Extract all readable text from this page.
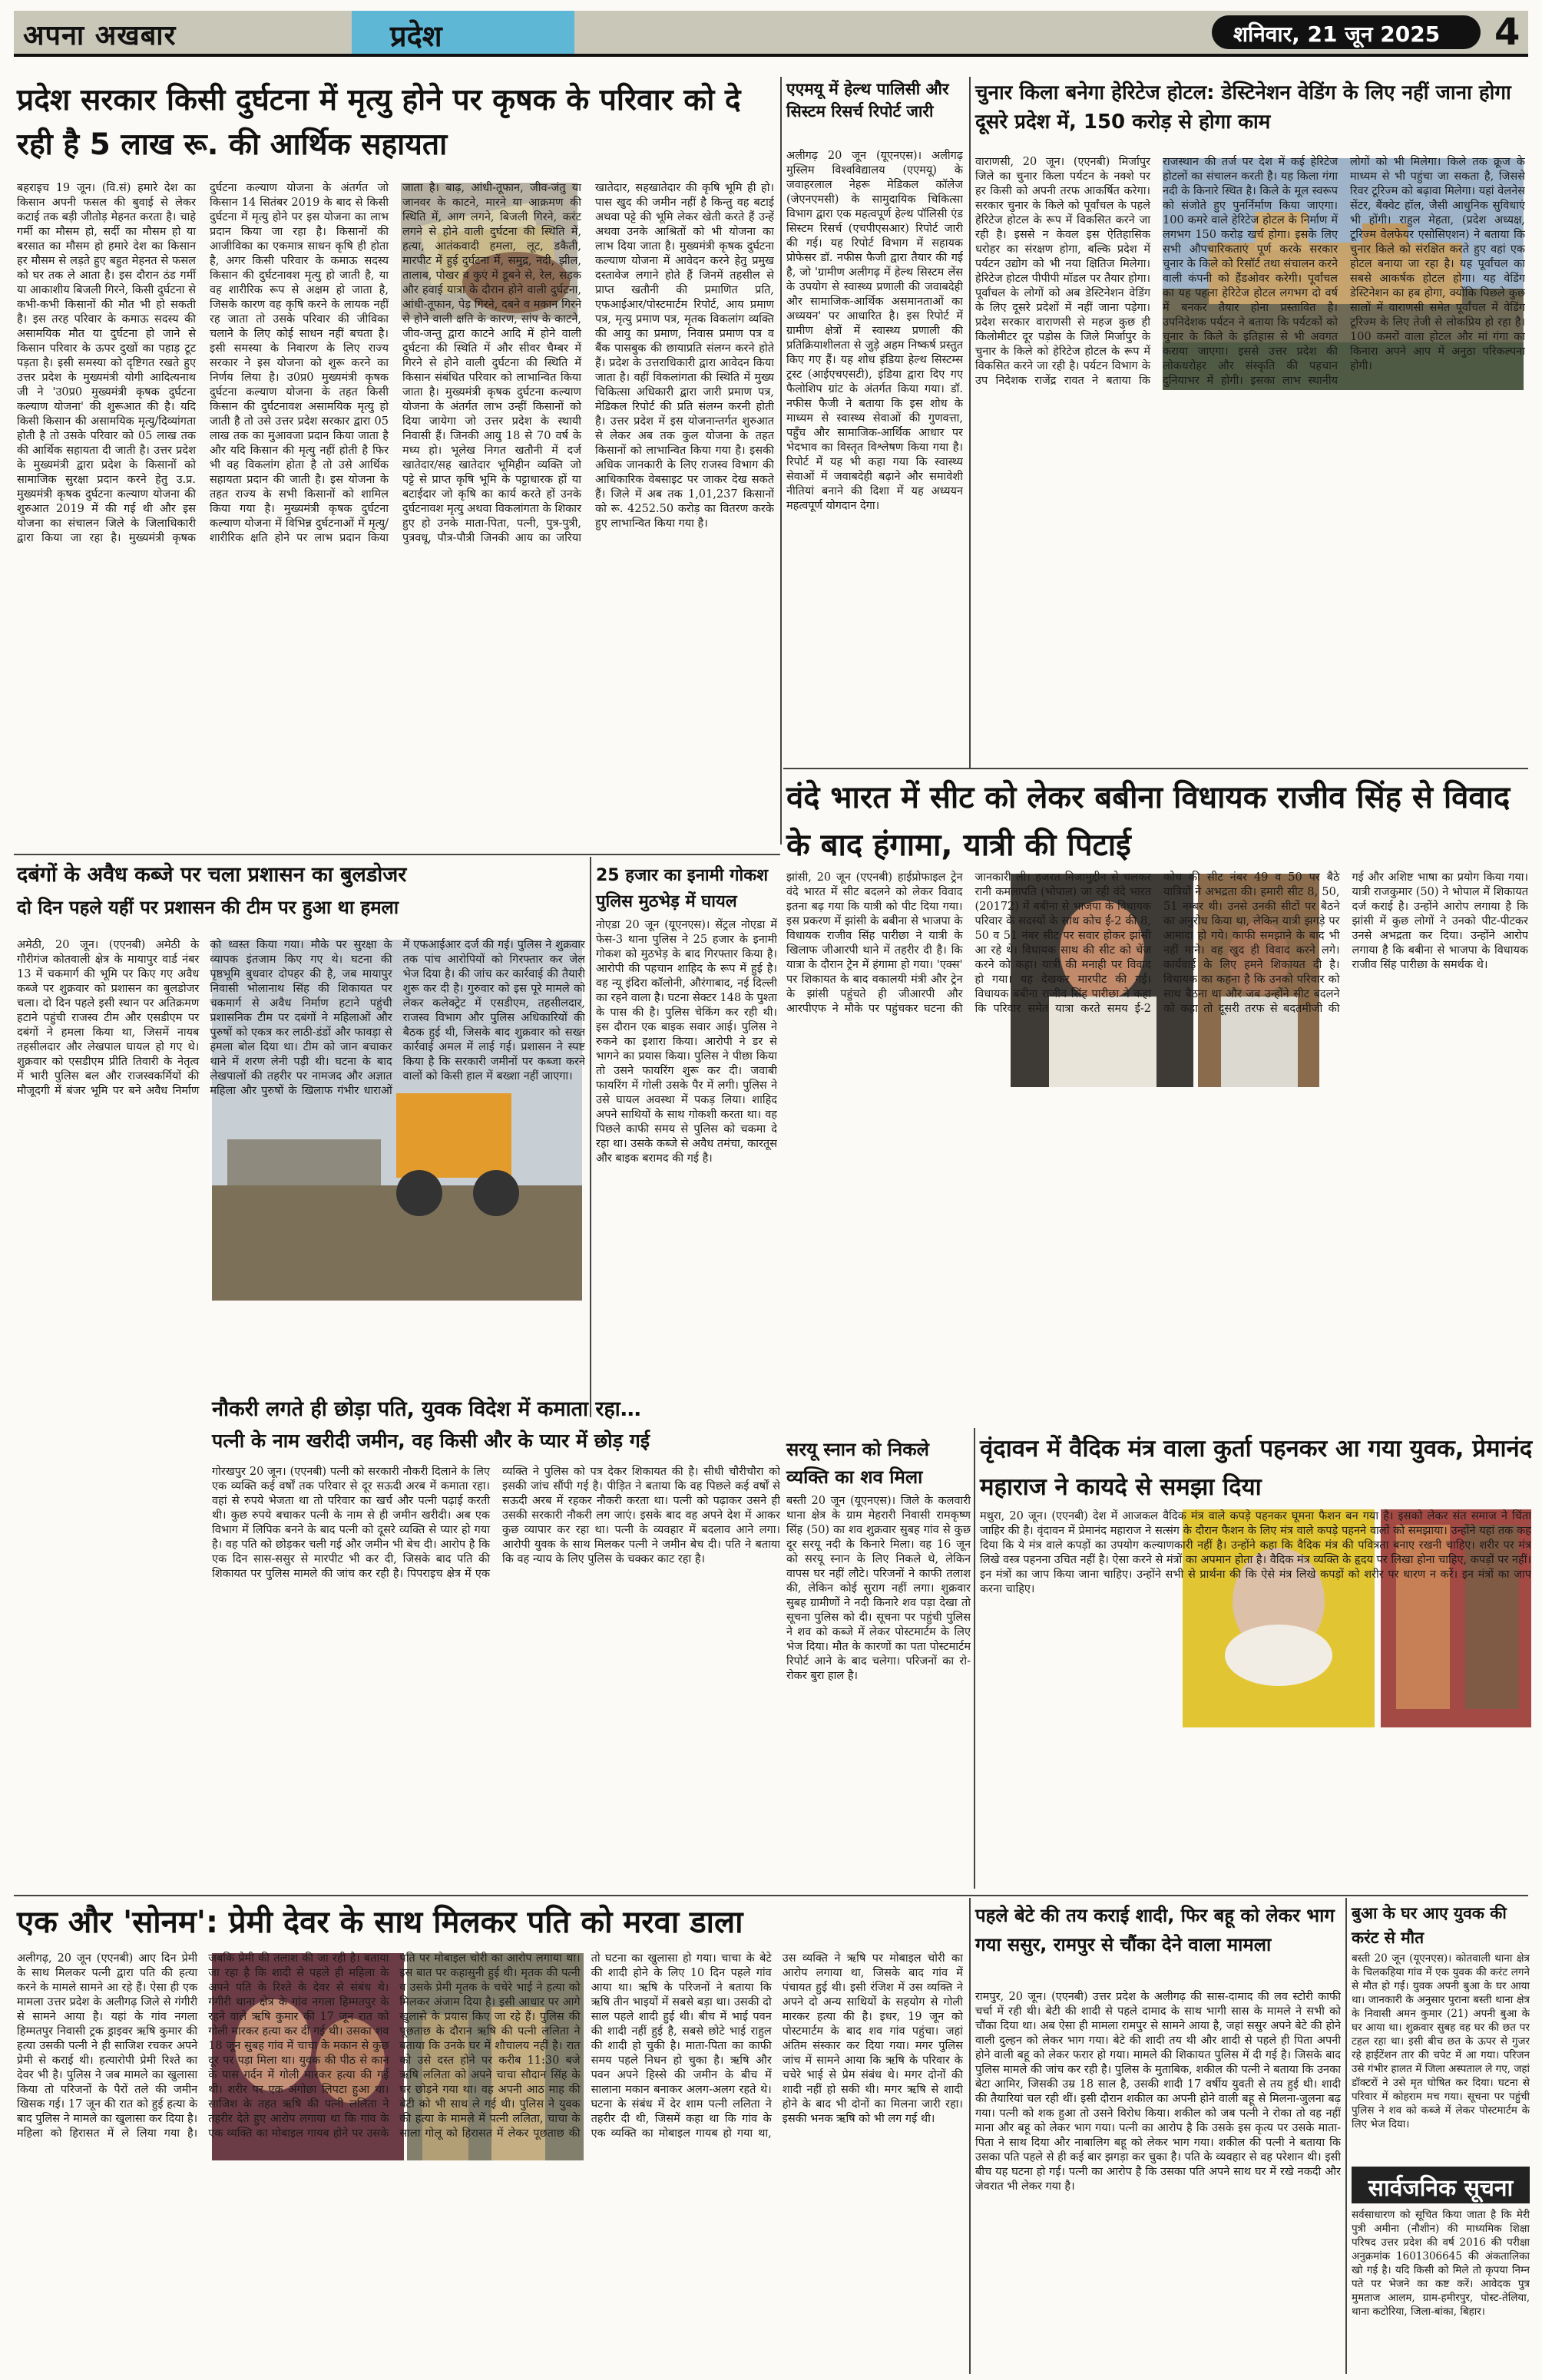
अपना अखबार	प्रदेश	शनिवार, 21 जून 2025	4
प्रदेश सरकार किसी दुर्घटना में मृत्यु होने पर कृषक के परिवार को दे रही है 5 लाख रू. की आर्थिक सहायता
बहराइच 19 जून। (वि.सं) हमारे देश का किसान अपनी फसल की बुवाई से लेकर कटाई तक बड़ी जीतोड़ मेहनत करता है। चाहे गर्मी का मौसम हो, सर्दी का मौसम हो या बरसात का मौसम हो हमारे देश का किसान हर मौसम से लड़ते हुए बहुत मेहनत से फसल को घर तक ले आता है। इस दौरान ठंड गर्मी या आकाशीय बिजली गिरने, किसी दुर्घटना से कभी-कभी किसानों की मौत भी हो सकती है। इस तरह परिवार के कमाऊ सदस्य की असामयिक मौत या दुर्घटना हो जाने से किसान परिवार के ऊपर दुखों का पहाड़ टूट पड़ता है। इसी समस्या को दृष्टिगत रखते हुए उत्तर प्रदेश के मुख्यमंत्री योगी आदित्यनाथ जी ने 'उ0प्र0 मुख्यमंत्री कृषक दुर्घटना कल्याण योजना' की शुरूआत की है। यदि किसी किसान की असामयिक मृत्यु/दिव्यांगता होती है तो उसके परिवार को 05 लाख तक की आर्थिक सहायता दी जाती है। उत्तर प्रदेश के मुख्यमंत्री द्वारा प्रदेश के किसानों को सामाजिक सुरक्षा प्रदान करने हेतु उ.प्र. मुख्यमंत्री कृषक दुर्घटना कल्याण योजना की शुरुआत 2019 में की गई थी और इस योजना का संचालन जिले के जिलाधिकारी द्वारा किया जा रहा है। मुख्यमंत्री कृषक दुर्घटना कल्याण योजना के अंतर्गत जो किसान 14 सितंबर 2019 के बाद से किसी दुर्घटना में मृत्यु होने पर इस योजना का लाभ प्रदान किया जा रहा है। किसानों की आजीविका का एकमात्र साधन कृषि ही होता है, अगर किसी परिवार के कमाऊ सदस्य किसान की दुर्घटनावश मृत्यु हो जाती है, या वह शारीरिक रूप से अक्षम हो जाता है, जिसके कारण वह कृषि करने के लायक नहीं रह जाता तो उसके परिवार की जीविका चलाने के लिए कोई साधन नहीं बचता है। इसी समस्या के निवारण के लिए राज्य सरकार ने इस योजना को शुरू करने का निर्णय लिया है। उ0प्र0 मुख्यमंत्री कृषक दुर्घटना कल्याण योजना के तहत किसी किसान की दुर्घटनावश असामयिक मृत्यु हो जाती है तो उसे उत्तर प्रदेश सरकार द्वारा 05 लाख तक का मुआवजा प्रदान किया जाता है और यदि किसान की मृत्यु नहीं होती है फिर भी वह विकलांग होता है तो उसे आर्थिक सहायता प्रदान की जाती है। इस योजना के तहत राज्य के सभी किसानों को शामिल किया गया है। मुख्यमंत्री कृषक दुर्घटना कल्याण योजना में विभिन्न दुर्घटनाओं में मृत्यु/शारीरिक क्षति होने पर लाभ प्रदान किया जाता है। बाढ़, आंधी-तूफान, जीव-जंतु या जानवर के काटने, मारने या आक्रमण की स्थिति में, आग लगने, बिजली गिरने, करंट लगने से होने वाली दुर्घटना की स्थिति में, हत्या, आतंकवादी हमला, लूट, डकैती, मारपीट में हुई दुर्घटना में, समुद्र, नदी, झील, तालाब, पोखर व कुएं में डूबने से, रेल, सड़क और हवाई यात्रा के दौरान होने वाली दुर्घटना, आंधी-तूफान, पेड़ गिरने, दबने व मकान गिरने से होने वाली क्षति के कारण, सांप के काटने, जीव-जन्तु द्वारा काटने आदि में होने वाली दुर्घटना की स्थिति में और सीवर चैम्बर में गिरने से होने वाली दुर्घटना की स्थिति में किसान संबंधित परिवार को लाभान्वित किया जाता है। मुख्यमंत्री कृषक दुर्घटना कल्याण योजना के अंतर्गत लाभ उन्हीं किसानों को दिया जायेगा जो उत्तर प्रदेश के स्थायी निवासी हैं। जिनकी आयु 18 से 70 वर्ष के मध्य हो। भूलेख निगत खतौनी में दर्ज खातेदार/सह खातेदार भूमिहीन व्यक्ति जो पट्टे से प्राप्त कृषि भूमि के पट्टाधारक हों या बटाईदार जो कृषि का कार्य करते हों उनके दुर्घटनावश मृत्यु अथवा विकलांगता के शिकार हुए हो उनके माता-पिता, पत्नी, पुत्र-पुत्री, पुत्रवधू, पौत्र-पौत्री जिनकी आय का जरिया खातेदार, सहखातेदार की कृषि भूमि ही हो। पास खुद की जमीन नहीं है किन्तु वह बटाई अथवा पट्टे की भूमि लेकर खेती करते हैं उन्हें अथवा उनके आश्रितों को भी योजना का लाभ दिया जाता है। मुख्यमंत्री कृषक दुर्घटना कल्याण योजना में आवेदन करने हेतु प्रमुख दस्तावेज लगाने होते हैं जिनमें तहसील से प्राप्त खतौनी की प्रमाणित प्रति, एफआईआर/पोस्टमार्टम रिपोर्ट, आय प्रमाण पत्र, मृत्यु प्रमाण पत्र, मृतक विकलांग व्यक्ति की आयु का प्रमाण, निवास प्रमाण पत्र व बैंक पासबुक की छायाप्रति संलग्न करने होते हैं। प्रदेश के उत्तराधिकारी द्वारा आवेदन किया जाता है। वहीं विकलांगता की स्थिति में मुख्य चिकित्सा अधिकारी द्वारा जारी प्रमाण पत्र, मेडिकल रिपोर्ट की प्रति संलग्न करनी होती है। उत्तर प्रदेश में इस योजनान्तर्गत शुरुआत से लेकर अब तक कुल योजना के तहत किसानों को लाभान्वित किया गया है। इसकी अधिक जानकारी के लिए राजस्व विभाग की आधिकारिक वेबसाइट पर जाकर देख सकते हैं। जिले में अब तक 1,01,237 किसानों को रू. 4252.50 करोड़ का वितरण करके हुए लाभान्वित किया गया है।
एएमयू में हेल्थ पालिसी और सिस्टम रिसर्च रिपोर्ट जारी
अलीगढ़ 20 जून (यूएनएस)। अलीगढ़ मुस्लिम विश्वविद्यालय (एएमयू) के जवाहरलाल नेहरू मेडिकल कॉलेज (जेएनएमसी) के सामुदायिक चिकित्सा विभाग द्वारा एक महत्वपूर्ण हेल्थ पॉलिसी एंड सिस्टम रिसर्च (एचपीएसआर) रिपोर्ट जारी की गई। यह रिपोर्ट विभाग में सहायक प्रोफेसर डॉ. नफीस फैजी द्वारा तैयार की गई है, जो 'ग्रामीण अलीगढ़ में हेल्थ सिस्टम लेंस के उपयोग से स्वास्थ्य प्रणाली की जवाबदेही और सामाजिक-आर्थिक असमानताओं का अध्ययन' पर आधारित है। इस रिपोर्ट में ग्रामीण क्षेत्रों में स्वास्थ्य प्रणाली की प्रतिक्रियाशीलता से जुड़े अहम निष्कर्ष प्रस्तुत किए गए हैं। यह शोध इंडिया हेल्थ सिस्टम्स ट्रस्ट (आईएचएसटी), इंडिया द्वारा दिए गए फैलोशिप ग्रांट के अंतर्गत किया गया। डॉ. नफीस फैजी ने बताया कि इस शोध के माध्यम से स्वास्थ्य सेवाओं की गुणवत्ता, पहुँच और सामाजिक-आर्थिक आधार पर भेदभाव का विस्तृत विश्लेषण किया गया है। रिपोर्ट में यह भी कहा गया कि स्वास्थ्य सेवाओं में जवाबदेही बढ़ाने और समावेशी नीतियां बनाने की दिशा में यह अध्ययन महत्वपूर्ण योगदान देगा।
चुनार किला बनेगा हेरिटेज होटल: डेस्टिनेशन वेडिंग के लिए नहीं जाना होगा दूसरे प्रदेश में, 150 करोड़ से होगा काम
वाराणसी, 20 जून। (एएनबी) मिर्जापुर जिले का चुनार किला पर्यटन के नक्शे पर हर किसी को अपनी तरफ आकर्षित करेगा। सरकार चुनार के किले को पूर्वांचल के पहले हेरिटेज होटल के रूप में विकसित करने जा रही है। इससे न केवल इस ऐतिहासिक धरोहर का संरक्षण होगा, बल्कि प्रदेश में पर्यटन उद्योग को भी नया क्षितिज मिलेगा। हेरिटेज होटल पीपीपी मॉडल पर तैयार होगा। पूर्वांचल के लोगों को अब डेस्टिनेशन वेडिंग के लिए दूसरे प्रदेशों में नहीं जाना पड़ेगा। प्रदेश सरकार वाराणसी से महज कुछ ही किलोमीटर दूर पड़ोस के जिले मिर्जापुर के चुनार के किले को हेरिटेज होटल के रूप में विकसित करने जा रही है। पर्यटन विभाग के उप निदेशक राजेंद्र रावत ने बताया कि राजस्थान की तर्ज पर देश में कई हेरिटेज होटलों का संचालन करती है। यह किला गंगा नदी के किनारे स्थित है। किले के मूल स्वरूप को संजोते हुए पुनर्निर्माण किया जाएगा। 100 कमरे वाले हेरिटेज होटल के निर्माण में लगभग 150 करोड़ खर्च होगा। इसके लिए सभी औपचारिकताएं पूर्ण करके सरकार चुनार के किले को रिसॉर्ट तथा संचालन करने वाली कंपनी को हैंडओवर करेगी। पूर्वांचल का यह पहला हेरिटेज होटल लगभग दो वर्ष में बनकर तैयार होना प्रस्तावित है। उपनिदेशक पर्यटन ने बताया कि पर्यटकों को चुनार के किले के इतिहास से भी अवगत कराया जाएगा। इससे उत्तर प्रदेश की लोकधरोहर और संस्कृति की पहचान दुनियाभर में होगी। इसका लाभ स्थानीय लोगों को भी मिलेगा। किले तक क्रूज के माध्यम से भी पहुंचा जा सकता है, जिससे रिवर टूरिज्म को बढ़ावा मिलेगा। यहां वेलनेस सेंटर, बैंक्वेट हॉल, जैसी आधुनिक सुविधाएं भी होंगी। राहुल मेहता, (प्रदेश अध्यक्ष, टूरिज्म वेलफेयर एसोसिएशन) ने बताया कि चुनार किले को संरक्षित करते हुए वहां एक होटल बनाया जा रहा है। यह पूर्वांचल का सबसे आकर्षक होटल होगा। यह वेडिंग डेस्टिनेशन का हब होगा, क्योंकि पिछले कुछ सालों में वाराणसी समेत पूर्वांचल में वेडिंग टूरिज्म के लिए तेजी से लोकप्रिय हो रहा है। 100 कमरों वाला होटल और मां गंगा का किनारा अपने आप में अनुठा परिकल्पना होगी।
वंदे भारत में सीट को लेकर बबीना विधायक राजीव सिंह से विवाद के बाद हंगामा, यात्री की पिटाई
झांसी, 20 जून (एएनबी) हाईप्रोफाइल ट्रेन वंदे भारत में सीट बदलने को लेकर विवाद इतना बढ़ गया कि यात्री को पीट दिया गया। इस प्रकरण में झांसी के बबीना से भाजपा के विधायक राजीव सिंह पारीछा ने यात्री के खिलाफ जीआरपी थाने में तहरीर दी है। कि यात्रा के दौरान ट्रेन में हंगामा हो गया। 'एक्स' पर शिकायत के बाद वकालयी मंत्री और ट्रेन के झांसी पहुंचते ही जीआरपी और आरपीएफ ने मौके पर पहुंचकर घटना की जानकारी ली। हजरत निजामुद्दीन से चलकर रानी कमलापति (भोपाल) जा रही वंदे भारत (20172) में बबीना से भाजपा के विधायक परिवार के सदस्यों के साथ कोच ई-2 की 8, 50 व 51 नंबर सीट पर सवार होकर झांसी आ रहे थे। विधायक साथ की सीट को चेंज करने को कहा। यात्री की मनाही पर विवाद हो गया। यह देखकर मारपीट की गई। विधायक बबीना राजीव सिंह पारीछा ने कहा कि परिवार समेत यात्रा करते समय ई-2 कोच की सीट नंबर 49 व 50 पर बैठे यात्रियों ने अभद्रता की। हमारी सीट 8, 50, 51 नम्बर थी। उनसे उनकी सीटों पर बैठने का अनुरोध किया था, लेकिन यात्री झगड़े पर आमादा हो गये। काफी समझाने के बाद भी नहीं माने। वह खुद ही विवाद करने लगे। कार्यवाई के लिए हमने शिकायत दी है। विधायक का कहना है कि उनको परिवार को साथ बैठना था और जब उन्होंने सीट बदलने को कहा तो दूसरी तरफ से बदतमीजी की गई और अशिष्ट भाषा का प्रयोग किया गया। यात्री राजकुमार (50) ने भोपाल में शिकायत दर्ज कराई है। उन्होंने आरोप लगाया है कि झांसी में कुछ लोगों ने उनको पीट-पीटकर उनसे अभद्रता कर दिया। उन्होंने आरोप लगाया है कि बबीना से भाजपा के विधायक राजीव सिंह पारीछा के समर्थक थे।
दबंगों के अवैध कब्जे पर चला प्रशासन का बुलडोजर
दो दिन पहले यहीं पर प्रशासन की टीम पर हुआ था हमला
अमेठी, 20 जून। (एएनबी) अमेठी के गौरीगंज कोतवाली क्षेत्र के मायापुर वार्ड नंबर 13 में चकमार्ग की भूमि पर किए गए अवैध कब्जे पर शुक्रवार को प्रशासन का बुलडोजर चला। दो दिन पहले इसी स्थान पर अतिक्रमण हटाने पहुंची राजस्व टीम और एसडीएम पर दबंगों ने हमला किया था, जिसमें नायब तहसीलदार और लेखपाल घायल हो गए थे। शुक्रवार को एसडीएम प्रीति तिवारी के नेतृत्व में भारी पुलिस बल और राजस्वकर्मियों की मौजूदगी में बंजर भूमि पर बने अवैध निर्माण को ध्वस्त किया गया। मौके पर सुरक्षा के व्यापक इंतजाम किए गए थे। घटना की पृष्ठभूमि बुधवार दोपहर की है, जब मायापुर निवासी भोलानाथ सिंह की शिकायत पर चकमार्ग से अवैध निर्माण हटाने पहुंची प्रशासनिक टीम पर दबंगों ने महिलाओं और पुरुषों को एकत्र कर लाठी-डंडों और फावड़ा से हमला बोल दिया था। टीम को जान बचाकर थाने में शरण लेनी पड़ी थी। घटना के बाद लेखपालों की तहरीर पर नामजद और अज्ञात महिला और पुरुषों के खिलाफ गंभीर धाराओं में एफआईआर दर्ज की गई। पुलिस ने शुक्रवार तक पांच आरोपियों को गिरफ्तार कर जेल भेज दिया है। की जांच कर कार्रवाई की तैयारी शुरू कर दी है। गुरुवार को इस पूरे मामले को लेकर कलेक्ट्रेट में एसडीएम, तहसीलदार, राजस्व विभाग और पुलिस अधिकारियों की बैठक हुई थी, जिसके बाद शुक्रवार को सख्त कार्रवाई अमल में लाई गई। प्रशासन ने स्पष्ट किया है कि सरकारी जमीनों पर कब्जा करने वालों को किसी हाल में बख्शा नहीं जाएगा।
25 हजार का इनामी गोकश पुलिस मुठभेड़ में घायल
नोएडा 20 जून (यूएनएस)। सेंट्रल नोएडा में फेस-3 थाना पुलिस ने 25 हजार के इनामी गोकश को मुठभेड़ के बाद गिरफ्तार किया है। आरोपी की पहचान शाहिद के रूप में हुई है। वह न्यू इंदिरा कॉलोनी, औरंगाबाद, नई दिल्ली का रहने वाला है। घटना सेक्टर 148 के पुश्ता के पास की है। पुलिस चेकिंग कर रही थी। इस दौरान एक बाइक सवार आई। पुलिस ने रुकने का इशारा किया। आरोपी ने डर से भागने का प्रयास किया। पुलिस ने पीछा किया तो उसने फायरिंग शुरू कर दी। जवाबी फायरिंग में गोली उसके पैर में लगी। पुलिस ने उसे घायल अवस्था में पकड़ लिया। शाहिद अपने साथियों के साथ गोकशी करता था। वह पिछले काफी समय से पुलिस को चकमा दे रहा था। उसके कब्जे से अवैध तमंचा, कारतूस और बाइक बरामद की गई है।
सरयू स्नान को निकले व्यक्ति का शव मिला
बस्ती 20 जून (यूएनएस)। जिले के कलवारी थाना क्षेत्र के ग्राम मेहरारी निवासी रामकृष्ण सिंह (50) का शव शुक्रवार सुबह गांव से कुछ दूर सरयू नदी के किनारे मिला। वह 16 जून को सरयू स्नान के लिए निकले थे, लेकिन वापस घर नहीं लौटे। परिजनों ने काफी तलाश की, लेकिन कोई सुराग नहीं लगा। शुक्रवार सुबह ग्रामीणों ने नदी किनारे शव पड़ा देखा तो सूचना पुलिस को दी। सूचना पर पहुंची पुलिस ने शव को कब्जे में लेकर पोस्टमार्टम के लिए भेज दिया। मौत के कारणों का पता पोस्टमार्टम रिपोर्ट आने के बाद चलेगा। परिजनों का रो-रोकर बुरा हाल है।
नौकरी लगते ही छोड़ा पति, युवक विदेश में कमाता रहा…
पत्नी के नाम खरीदी जमीन, वह किसी और के प्यार में छोड़ गई
गोरखपुर 20 जून। (एएनबी) पत्नी को सरकारी नौकरी दिलाने के लिए एक व्यक्ति कई वर्षों तक परिवार से दूर सऊदी अरब में कमाता रहा। वहां से रुपये भेजता था तो परिवार का खर्च और पत्नी पढ़ाई करती थी। कुछ रुपये बचाकर पत्नी के नाम से ही जमीन खरीदी। अब एक विभाग में लिपिक बनने के बाद पत्नी को दूसरे व्यक्ति से प्यार हो गया है। वह पति को छोड़कर चली गई और जमीन भी बेच दी। आरोप है कि एक दिन सास-ससुर से मारपीट भी कर दी, जिसके बाद पति की शिकायत पर पुलिस मामले की जांच कर रही है। पिपराइच क्षेत्र में एक व्यक्ति ने पुलिस को पत्र देकर शिकायत की है। सीधी चौरीचौरा को इसकी जांच सौंपी गई है। पीड़ित ने बताया कि वह पिछले कई वर्षों से सऊदी अरब में रहकर नौकरी करता था। पत्नी को पढ़ाकर उसने ही उसकी सरकारी नौकरी लग जाएं। इसके बाद वह अपने देश में आकर कुछ व्यापार कर रहा था। पत्नी के व्यवहार में बदलाव आने लगा। आरोपी युवक के साथ मिलकर पत्नी ने जमीन बेच दी। पति ने बताया कि वह न्याय के लिए पुलिस के चक्कर काट रहा है।
वृंदावन में वैदिक मंत्र वाला कुर्ता पहनकर आ गया युवक, प्रेमानंद महाराज ने कायदे से समझा दिया
मथुरा, 20 जून। (एएनबी) देश में आजकल वैदिक मंत्र वाले कपड़े पहनकर घूमना फैशन बन गया है। इसको लेकर संत समाज ने चिंता जाहिर की है। वृंदावन में प्रेमानंद महाराज ने सत्संग के दौरान फैशन के लिए मंत्र वाले कपड़े पहनने वालों को समझाया। उन्होंने यहां तक कह दिया कि ये मंत्र वाले कपड़ों का उपयोग कल्याणकारी नहीं है। उन्होंने कहा कि वैदिक मंत्र की पवित्रता बनाए रखनी चाहिए। शरीर पर मंत्र लिखे वस्त्र पहनना उचित नहीं है। ऐसा करने से मंत्रों का अपमान होता है। वैदिक मंत्र व्यक्ति के हृदय पर लिखा होना चाहिए, कपड़ों पर नहीं। इन मंत्रों का जाप किया जाना चाहिए। उन्होंने सभी से प्रार्थना की कि ऐसे मंत्र लिखे कपड़ों को शरीर पर धारण न करें। इन मंत्रों का जाप करना चाहिए।
एक और 'सोनम': प्रेमी देवर के साथ मिलकर पति को मरवा डाला
अलीगढ़, 20 जून (एएनबी) आए दिन प्रेमी के साथ मिलकर पत्नी द्वारा पति की हत्या करने के मामले सामने आ रहे हैं। ऐसा ही एक मामला उत्तर प्रदेश के अलीगढ़ जिले से गंगीरी से सामने आया है। यहां के गांव नगला हिम्मतपुर निवासी ट्रक ड्राइवर ऋषि कुमार की हत्या उसकी पत्नी ने ही साजिश रचकर अपने प्रेमी से कराई थी। हत्यारोपी प्रेमी रिश्ते का देवर भी है। पुलिस ने जब मामले का खुलासा किया तो परिजनों के पैरों तले की जमीन खिसक गई। 17 जून की रात को हुई हत्या के बाद पुलिस ने मामले का खुलासा कर दिया है। महिला को हिरासत में ले लिया गया है। जबकि प्रेमी की तलाश की जा रही है। बताया जा रहा है कि शादी से पहले ही महिला के अपने पति के रिश्ते के देवर से संबंध थे। गंगीरी थाना क्षेत्र के गांव नगला हिम्मतपुर के रहने वाले ऋषि कुमार की 17 जून रात को गोली मारकर हत्या कर दी गई थी। उसका शव 18 जून सुबह गांव में चाचा के मकान से कुछ दूर पर पड़ा मिला था। युवक की पीठ से कान के पास गर्दन में गोली मारकर हत्या की गई थी। शरीर पर एक अंगोछा लिपटा हुआ था। साजिश के तहत ऋषि की पत्नी ललिता ने तहरीर देते हुए आरोप लगाया था कि गांव के एक व्यक्ति का मोबाइल गायब होने पर उसके पति पर मोबाइल चोरी का आरोप लगाया था। इस बात पर कहासुनी हुई थी। मृतक की पत्नी व उसके प्रेमी मृतक के चचेरे भाई ने हत्या को मिलकर अंजाम दिया है। इसी आधार पर आगे खुलासे के प्रयास किए जा रहे हैं। पुलिस की पूछताछ के दौरान ऋषि की पत्नी ललिता ने बताया कि उनके घर में शौचालय नहीं है। रात को उसे दस्त होने पर करीब 11:30 बजे ऋषि ललिता को अपने चाचा सौदान सिंह के घर छोड़ने गया था। वह अपनी आठ माह की बेटी को भी साथ ले गई थी। पुलिस ने युवक की हत्या के मामले में पत्नी ललिता, चाचा के साला गोलू को हिरासत में लेकर पूछताछ की तो घटना का खुलासा हो गया। चाचा के बेटे की शादी होने के लिए 10 दिन पहले गांव आया था। ऋषि के परिजनों ने बताया कि ऋषि तीन भाइयों में सबसे बड़ा था। उसकी दो साल पहले शादी हुई थी। बीच में भाई पवन की शादी नहीं हुई है, सबसे छोटे भाई राहुल की शादी हो चुकी है। माता-पिता का काफी समय पहले निधन हो चुका है। ऋषि और पवन अपने हिस्से की जमीन के बीच में सालाना मकान बनाकर अलग-अलग रहते थे। घटना के संबंध में देर शाम पत्नी ललिता ने तहरीर दी थी, जिसमें कहा था कि गांव के एक व्यक्ति का मोबाइल गायब हो गया था, उस व्यक्ति ने ऋषि पर मोबाइल चोरी का आरोप लगाया था, जिसके बाद गांव में पंचायत हुई थी। इसी रंजिश में उस व्यक्ति ने अपने दो अन्य साथियों के सहयोग से गोली मारकर हत्या की है। इधर, 19 जून को पोस्टमार्टम के बाद शव गांव पहुंचा। जहां अंतिम संस्कार कर दिया गया। मगर पुलिस जांच में सामने आया कि ऋषि के परिवार के चचेरे भाई से प्रेम संबंध थे। मगर दोनों की शादी नहीं हो सकी थी। मगर ऋषि से शादी होने के बाद भी दोनों का मिलना जारी रहा। इसकी भनक ऋषि को भी लग गई थी।
पहले बेटे की तय कराई शादी, फिर बहू को लेकर भाग गया ससुर, रामपुर से चौंका देने वाला मामला
रामपुर, 20 जून। (एएनबी) उत्तर प्रदेश के अलीगढ़ की सास-दामाद की लव स्टोरी काफी चर्चा में रही थी। बेटी की शादी से पहले दामाद के साथ भागी सास के मामले ने सभी को चौंका दिया था। अब ऐसा ही मामला रामपुर से सामने आया है, जहां ससुर अपने बेटे की होने वाली दुल्हन को लेकर भाग गया। बेटे की शादी तय थी और शादी से पहले ही पिता अपनी होने वाली बहू को लेकर फरार हो गया। मामले की शिकायत पुलिस में दी गई है। जिसके बाद पुलिस मामले की जांच कर रही है। पुलिस के मुताबिक, शकील की पत्नी ने बताया कि उनका बेटा आमिर, जिसकी उम्र 18 साल है, उसकी शादी 17 वर्षीय युवती से तय हुई थी। शादी की तैयारियां चल रही थीं। इसी दौरान शकील का अपनी होने वाली बहू से मिलना-जुलना बढ़ गया। पत्नी को शक हुआ तो उसने विरोध किया। शकील को जब पत्नी ने रोका तो वह नहीं माना और बहू को लेकर भाग गया। पत्नी का आरोप है कि उसके इस कृत्य पर उसके माता-पिता ने साथ दिया और नाबालिग बहू को लेकर भाग गया। शकील की पत्नी ने बताया कि उसका पति पहले से ही कई बार झगड़ा कर चुका है। पति के व्यवहार से वह परेशान थी। इसी बीच यह घटना हो गई। पत्नी का आरोप है कि उसका पति अपने साथ घर में रखे नकदी और जेवरात भी लेकर गया है।
बुआ के घर आए युवक की करंट से मौत
बस्ती 20 जून (यूएनएस)। कोतवाली थाना क्षेत्र के चिलकहिया गांव में एक युवक की करंट लगने से मौत हो गई। युवक अपनी बुआ के घर आया था। जानकारी के अनुसार पुराना बस्ती थाना क्षेत्र के निवासी अमन कुमार (21) अपनी बुआ के घर आया था। शुक्रवार सुबह वह घर की छत पर टहल रहा था। इसी बीच छत के ऊपर से गुजर रहे हाईटेंशन तार की चपेट में आ गया। परिजन उसे गंभीर हालत में जिला अस्पताल ले गए, जहां डॉक्टरों ने उसे मृत घोषित कर दिया। घटना से परिवार में कोहराम मच गया। सूचना पर पहुंची पुलिस ने शव को कब्जे में लेकर पोस्टमार्टम के लिए भेज दिया।
सार्वजनिक सूचना
सर्वसाधारण को सूचित किया जाता है कि मेरी पुत्री अमीना (नौशीन) की माध्यमिक शिक्षा परिषद उत्तर प्रदेश की वर्ष 2016 की परीक्षा अनुक्रमांक 1601306645 की अंकतालिका खो गई है। यदि किसी को मिले तो कृपया निम्न पते पर भेजने का कष्ट करें। आवेदक पुत्र मुमताज आलम, ग्राम-हमीरपुर, पोस्ट-तेलिया, थाना कटोरिया, जिला-बांका, बिहार।
